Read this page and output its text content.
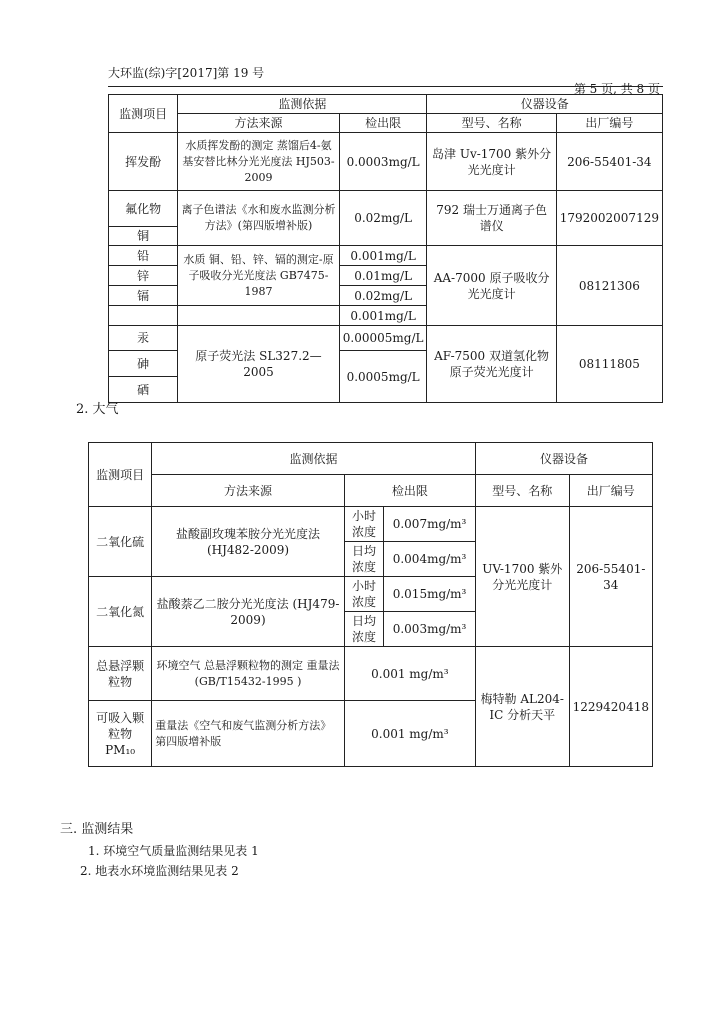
大环监(综)字[2017]第 19 号
第 5 页, 共 8 页
监测项目	监测依据		仪器设备	
	方法来源	检出限	型号、名称	出厂编号
挥发酚	水质挥发酚的测定 蒸馏后4-氨基安替比林分光光度法 HJ503-2009	0.0003mg/L	岛津 Uv-1700 紫外分光光度计	206-55401-34
氟化物	离子色谱法《水和废水监测分析方法》(第四版增补版)	0.02mg/L	792 瑞士万通离子色谱仪	1792002007129
铜				
铅	水质 铜、铅、锌、镉的测定-原子吸收分光光度法 GB7475-1987	0.001mg/L	AA-7000 原子吸收分光光度计	08121306
锌		0.01mg/L		
镉		0.02mg/L		
		0.001mg/L		
汞	原子荧光法 SL327.2—2005	0.00005mg/L	AF-7500 双道氢化物原子荧光光度计	08111805
砷		0.0005mg/L		
硒				
2. 大气
监测项目	监测依据			仪器设备	
	方法来源	检出限		型号、名称	出厂编号
二氧化硫	盐酸副玫瑰苯胺分光光度法 (HJ482-2009)	小时浓度	0.007mg/m³	UV-1700 紫外分光光度计	206-55401-34
		日均浓度	0.004mg/m³		
二氧化氮	盐酸萘乙二胺分光光度法 (HJ479-2009)	小时浓度	0.015mg/m³		
		日均浓度	0.003mg/m³		
总悬浮颗粒物	环境空气 总悬浮颗粒物的测定 重量法 (GB/T15432-1995 )	0.001 mg/m³		梅特勒 AL204-IC 分析天平	1229420418
可吸入颗粒物 PM₁₀	重量法《空气和废气监测分析方法》第四版增补版	0.001 mg/m³			
三. 监测结果
1. 环境空气质量监测结果见表 1
2. 地表水环境监测结果见表 2
